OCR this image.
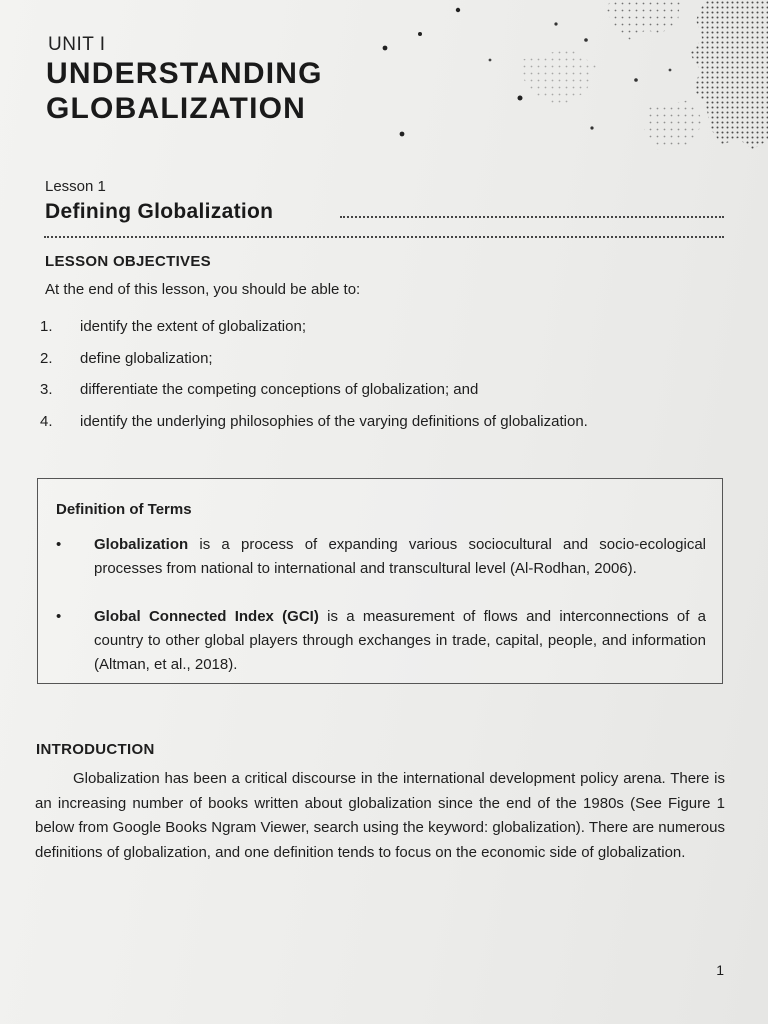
UNIT I
UNDERSTANDING
GLOBALIZATION
Lesson 1
Defining Globalization
LESSON OBJECTIVES
At the end of this lesson, you should be able to:
1. identify the extent of globalization;
2. define globalization;
3. differentiate the competing conceptions of globalization; and
4. identify the underlying philosophies of the varying definitions of globalization.
Definition of Terms
• Globalization is a process of expanding various sociocultural and socio-ecological processes from national to international and transcultural level (Al-Rodhan, 2006).
• Global Connected Index (GCI) is a measurement of flows and interconnections of a country to other global players through exchanges in trade, capital, people, and information (Altman, et al., 2018).
INTRODUCTION

Globalization has been a critical discourse in the international development policy arena. There is an increasing number of books written about globalization since the end of the 1980s (See Figure 1 below from Google Books Ngram Viewer, search using the keyword: globalization). There are numerous definitions of globalization, and one definition tends to focus on the economic side of globalization.

1
